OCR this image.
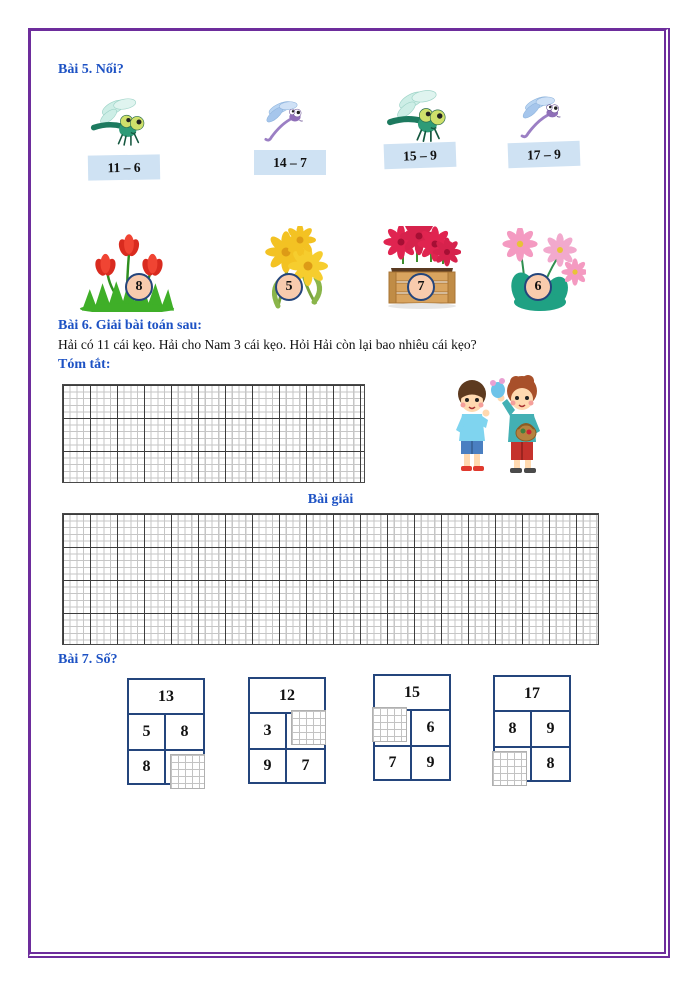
Bài 5. Nối?
11 – 6	14 – 7	15 – 9	17 – 9
8	5	7	6
Bài 6. Giải bài toán sau:
Hải có 11 cái kẹo. Hải cho Nam 3 cái kẹo. Hỏi Hải còn lại bao nhiêu cái kẹo?
Tóm tắt:
Bài giải
Bài 7. Số?
13
5	8
8
12
3
9	7
15
6
7	9
17
8	9
8
